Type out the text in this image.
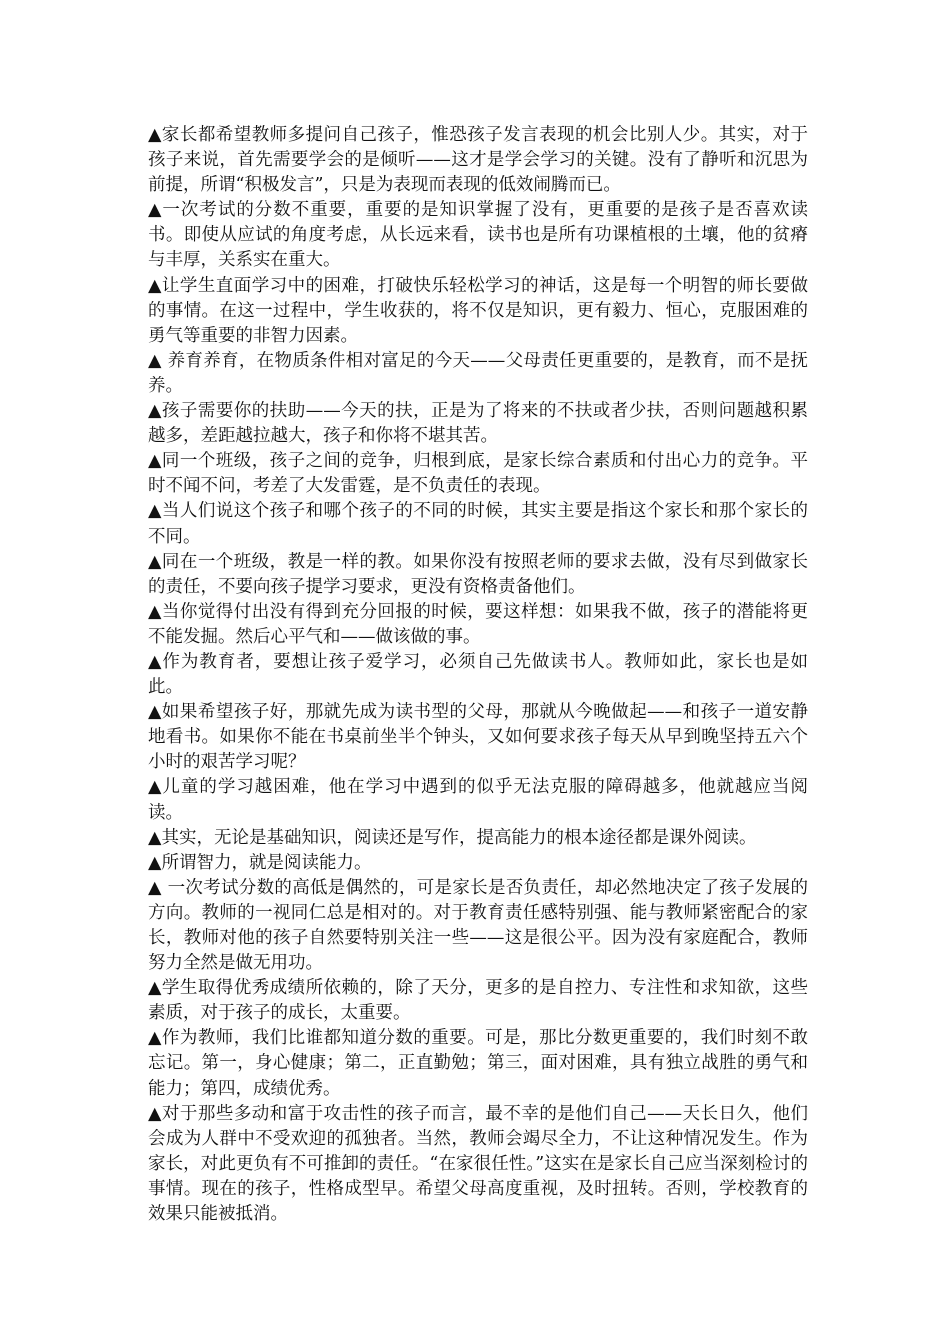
▲家长都希望教师多提问自己孩子，惟恐孩子发言表现的机会比别人少。其实，对于孩子来说，首先需要学会的是倾听——这才是学会学习的关键。没有了静听和沉思为前提，所谓“积极发言”，只是为表现而表现的低效闹腾而已。

▲一次考试的分数不重要，重要的是知识掌握了没有，更重要的是孩子是否喜欢读书。即使从应试的角度考虑，从长远来看，读书也是所有功课植根的土壤，他的贫瘠与丰厚，关系实在重大。

▲让学生直面学习中的困难，打破快乐轻松学习的神话，这是每一个明智的师长要做的事情。在这一过程中，学生收获的，将不仅是知识，更有毅力、恒心，克服困难的勇气等重要的非智力因素。

▲ 养育养育，在物质条件相对富足的今天——父母责任更重要的，是教育，而不是抚养。

▲孩子需要你的扶助——今天的扶，正是为了将来的不扶或者少扶，否则问题越积累越多，差距越拉越大，孩子和你将不堪其苦。

▲同一个班级，孩子之间的竞争，归根到底，是家长综合素质和付出心力的竞争。平时不闻不问，考差了大发雷霆，是不负责任的表现。

▲当人们说这个孩子和哪个孩子的不同的时候，其实主要是指这个家长和那个家长的不同。

▲同在一个班级，教是一样的教。如果你没有按照老师的要求去做，没有尽到做家长的责任，不要向孩子提学习要求，更没有资格责备他们。

▲当你觉得付出没有得到充分回报的时候，要这样想：如果我不做，孩子的潜能将更不能发掘。然后心平气和——做该做的事。

▲作为教育者，要想让孩子爱学习，必须自己先做读书人。教师如此，家长也是如此。

▲如果希望孩子好，那就先成为读书型的父母，那就从今晚做起——和孩子一道安静地看书。如果你不能在书桌前坐半个钟头，又如何要求孩子每天从早到晚坚持五六个小时的艰苦学习呢？

▲儿童的学习越困难，他在学习中遇到的似乎无法克服的障碍越多，他就越应当阅读。

▲其实，无论是基础知识，阅读还是写作，提高能力的根本途径都是课外阅读。

▲所谓智力，就是阅读能力。

▲ 一次考试分数的高低是偶然的，可是家长是否负责任，却必然地决定了孩子发展的方向。教师的一视同仁总是相对的。对于教育责任感特别强、能与教师紧密配合的家长，教师对他的孩子自然要特别关注一些——这是很公平。因为没有家庭配合，教师努力全然是做无用功。

▲学生取得优秀成绩所依赖的，除了天分，更多的是自控力、专注性和求知欲，这些素质，对于孩子的成长，太重要。

▲作为教师，我们比谁都知道分数的重要。可是，那比分数更重要的，我们时刻不敢忘记。第一，身心健康；第二，正直勤勉；第三，面对困难，具有独立战胜的勇气和能力；第四，成绩优秀。

▲对于那些多动和富于攻击性的孩子而言，最不幸的是他们自己——天长日久，他们会成为人群中不受欢迎的孤独者。当然，教师会竭尽全力，不让这种情况发生。作为家长，对此更负有不可推卸的责任。“在家很任性。”这实在是家长自己应当深刻检讨的事情。现在的孩子，性格成型早。希望父母高度重视，及时扭转。否则，学校教育的效果只能被抵消。
